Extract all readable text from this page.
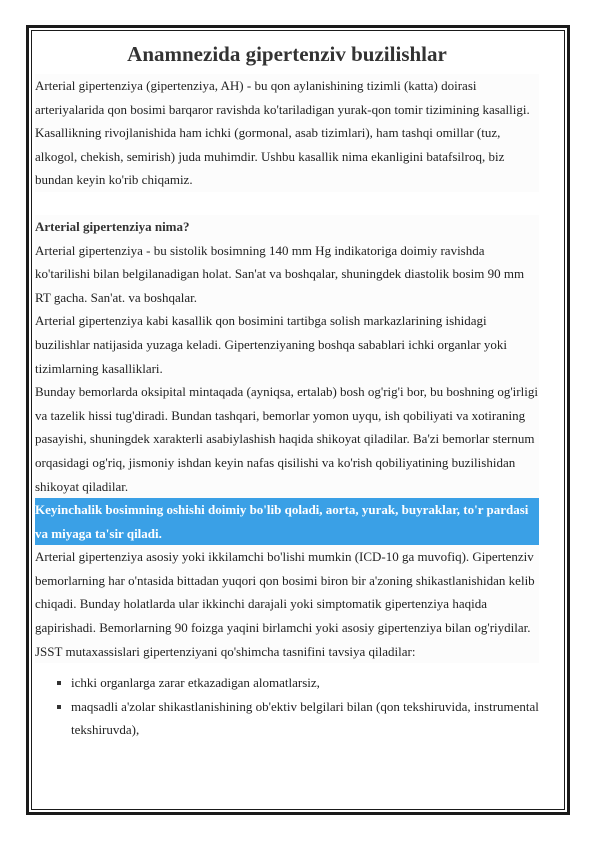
Anamnezida gipertenziv buzilishlar

Arterial gipertenziya (gipertenziya, AH) - bu qon aylanishining tizimli (katta) doirasi arteriyalarida qon bosimi barqaror ravishda ko'tariladigan yurak-qon tomir tizimining kasalligi. Kasallikning rivojlanishida ham ichki (gormonal, asab tizimlari), ham tashqi omillar (tuz, alkogol, chekish, semirish) juda muhimdir. Ushbu kasallik nima ekanligini batafsilroq, biz bundan keyin ko'rib chiqamiz.

Arterial gipertenziya nima?

Arterial gipertenziya - bu sistolik bosimning 140 mm Hg indikatoriga doimiy ravishda ko'tarilishi bilan belgilanadigan holat. San'at va boshqalar, shuningdek diastolik bosim 90 mm RT gacha. San'at. va boshqalar.

Arterial gipertenziya kabi kasallik qon bosimini tartibga solish markazlarining ishidagi buzilishlar natijasida yuzaga keladi. Gipertenziyaning boshqa sabablari ichki organlar yoki tizimlarning kasalliklari.

Bunday bemorlarda oksipital mintaqada (ayniqsa, ertalab) bosh og'rig'i bor, bu boshning og'irligi va tazelik hissi tug'diradi. Bundan tashqari, bemorlar yomon uyqu, ish qobiliyati va xotiraning pasayishi, shuningdek xarakterli asabiylashish haqida shikoyat qiladilar. Ba'zi bemorlar sternum orqasidagi og'riq, jismoniy ishdan keyin nafas qisilishi va ko'rish qobiliyatining buzilishidan shikoyat qiladilar.

Keyinchalik bosimning oshishi doimiy bo'lib qoladi, aorta, yurak, buyraklar, to'r pardasi va miyaga ta'sir qiladi.

Arterial gipertenziya asosiy yoki ikkilamchi bo'lishi mumkin (ICD-10 ga muvofiq). Gipertenziv bemorlarning har o'ntasida bittadan yuqori qon bosimi biron bir a'zoning shikastlanishidan kelib chiqadi. Bunday holatlarda ular ikkinchi darajali yoki simptomatik gipertenziya haqida gapirishadi. Bemorlarning 90 foizga yaqini birlamchi yoki asosiy gipertenziya bilan og'riydilar.

JSST mutaxassislari gipertenziyani qo'shimcha tasnifini tavsiya qiladilar:

ichki organlarga zarar etkazadigan alomatlarsiz,
maqsadli a'zolar shikastlanishining ob'ektiv belgilari bilan (qon tekshiruvida, instrumental tekshiruvda),
